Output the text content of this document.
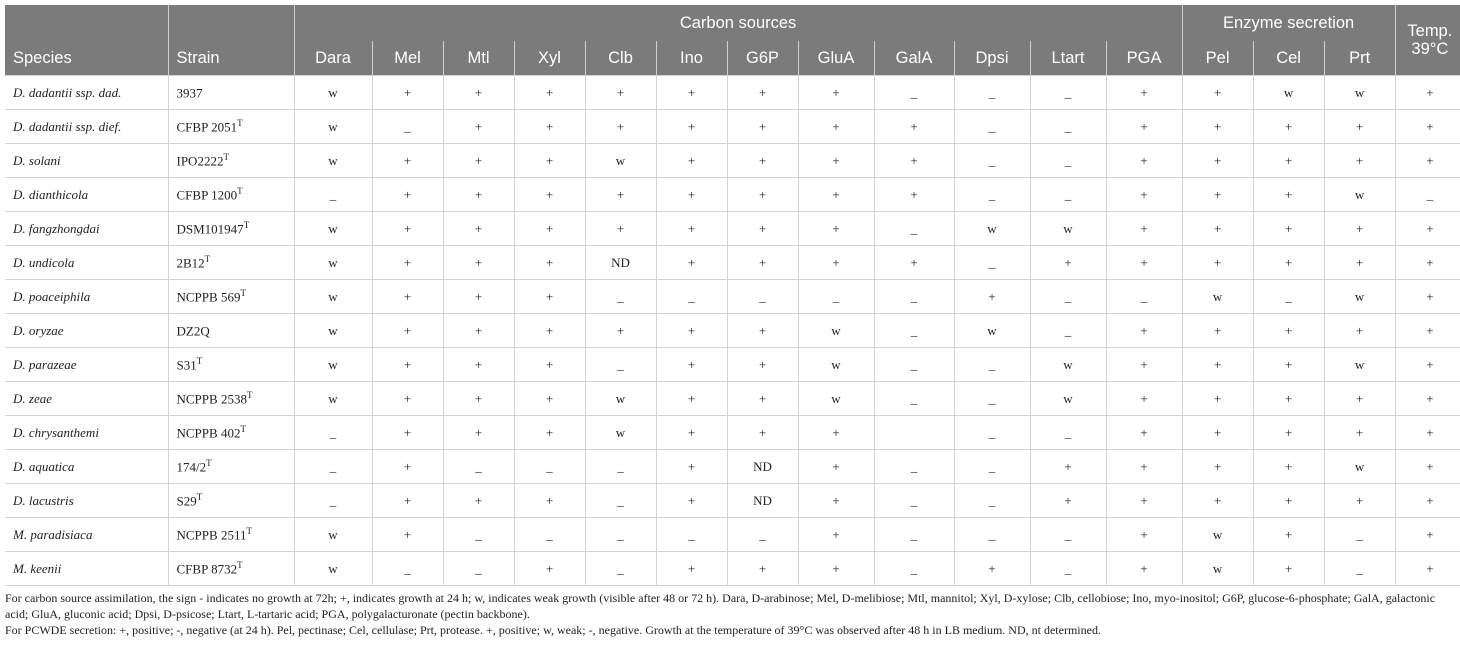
		Carbon sources												Enzyme secretion			Temp.
39°C
Species	Strain	Dara	Mel	Mtl	Xyl	Clb	Ino	G6P	GluA	GalA	Dpsi	Ltart	PGA	Pel	Cel	Prt	
D. dadantii ssp. dad.	3937	w	+	+	+	+	+	+	+	_	_	_	+	+	w	w	+
D. dadantii ssp. dief.	CFBP $2051^T$	w	_	+	+	+	+	+	+	+	_	_	+	+	+	+	+
D. solani	$IPO2222^T$	w	+	+	+	w	+	+	+	+	_	_	+	+	+	+	+
D. dianthicola	CFBP $1200^T$	_	+	+	+	+	+	+	+	+	_	_	+	+	+	w	_
D. fangzhongdai	$DSM101947^T$	w	+	+	+	+	+	+	+	_	w	w	+	+	+	+	+
D. undicola	$2B12^T$	w	+	+	+	ND	+	+	+	+	_	+	+	+	+	+	+
D. poaceiphila	NCPPB $569^T$	w	+	+	+	_	_	_	_	_	+	_	_	w	_	w	+
D. oryzae	DZ2Q	w	+	+	+	+	+	+	w	_	w	_	+	+	+	+	+
D. parazeae	$S31^T$	w	+	+	+	_	+	+	w	_	_	w	+	+	+	w	+
D. zeae	NCPPB $2538^T$	w	+	+	+	w	+	+	w	_	_	w	+	+	+	+	+
D. chrysanthemi	NCPPB $402^T$	_	+	+	+	w	+	+	+		_	_	+	+	+	+	+
D. aquatica	$174/2^T$	_	+	_	_	_	+	ND	+	_	_	+	+	+	+	w	+
D. lacustris	$S29^T$	_	+	+	+	_	+	ND	+	_	_	+	+	+	+	+	+
M. paradisiaca	NCPPB $2511^T$	w	+	_	_	_	_	_	+	_	_	_	+	w	+	_	+
M. keenii	CFBP $8732^T$	w	_	_	+	_	+	+	+	_	+	_	+	w	+	_	+

For carbon source assimilation, the sign - indicates no growth at 72h; +, indicates growth at 24 h; w, indicates weak growth (visible after 48 or 72 h). Dara, D-arabinose; Mel, D-melibiose; Mtl, mannitol; Xyl, D-xylose; Clb, cellobiose; Ino, myo-inositol; G6P, glucose-6-phosphate; GalA, galactonic acid; GluA, gluconic acid; Dpsi, D-psicose; Ltart, L-tartaric acid; PGA, polygalacturonate (pectin backbone).

For PCWDE secretion: +, positive; -, negative (at 24 h). Pel, pectinase; Cel, cellulase; Prt, protease. +, positive; w, weak; -, negative. Growth at the temperature of 39°C was observed after 48 h in LB medium. ND, nt determined.
